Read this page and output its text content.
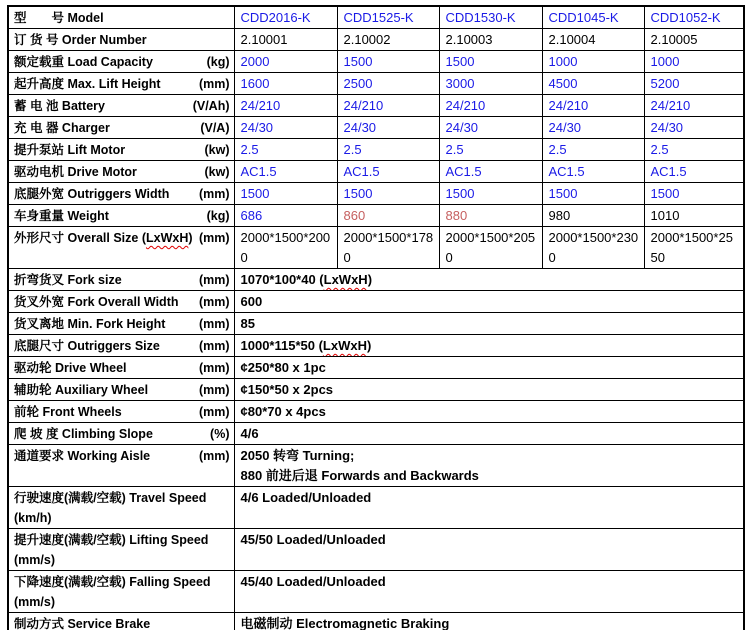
型　　号 Model	CDD2016-K	CDD1525-K	CDD1530-K	CDD1045-K	CDD1052-K

订 货 号 Order Number	2.10001	2.10002	2.10003	2.10004	2.10005

额定载重 Load Capacity (kg)	2000	1500	1500	1000	1000

起升高度 Max. Lift Height (mm)	1600	2500	3000	4500	5200

蓄 电 池 Battery (V/Ah)	24/210	24/210	24/210	24/210	24/210

充 电 器 Charger (V/A)	24/30	24/30	24/30	24/30	24/30

提升泵站 Lift Motor (kw)	2.5	2.5	2.5	2.5	2.5

驱动电机 Drive Motor (kw)	AC1.5	AC1.5	AC1.5	AC1.5	AC1.5

底腿外宽 Outriggers Width (mm)	1500	1500	1500	1500	1500

车身重量 Weight (kg)	686	860	880	980	1010

外形尺寸 Overall Size (LxWxH) (mm)	2000*1500*2000	2000*1500*1780	2000*1500*2050	2000*1500*2300	2000*1500*2550

折弯货叉 Fork size (mm)	1070*100*40 (LxWxH)				

货叉外宽 Fork Overall Width (mm)	600				

货叉离地 Min. Fork Height (mm)	85				

底腿尺寸 Outriggers Size (mm)	1000*115*50 (LxWxH)				

驱动轮 Drive Wheel (mm)	¢250*80 x 1pc				

辅助轮 Auxiliary Wheel (mm)	¢150*50 x 2pcs				

前轮 Front Wheels (mm)	¢80*70 x 4pcs				

爬 坡 度 Climbing Slope (%)	4/6				

通道要求 Working Aisle (mm)	2050 转弯 Turning;
880 前进后退 Forwards and Backwards				

行驶速度(满载/空载) Travel Speed
(km/h)	4/6 Loaded/Unloaded				

提升速度(满载/空载) Lifting Speed
(mm/s)	45/50 Loaded/Unloaded				

下降速度(满载/空载) Falling Speed
(mm/s)	45/40 Loaded/Unloaded				

制动方式 Service Brake	电磁制动 Electromagnetic Braking				
